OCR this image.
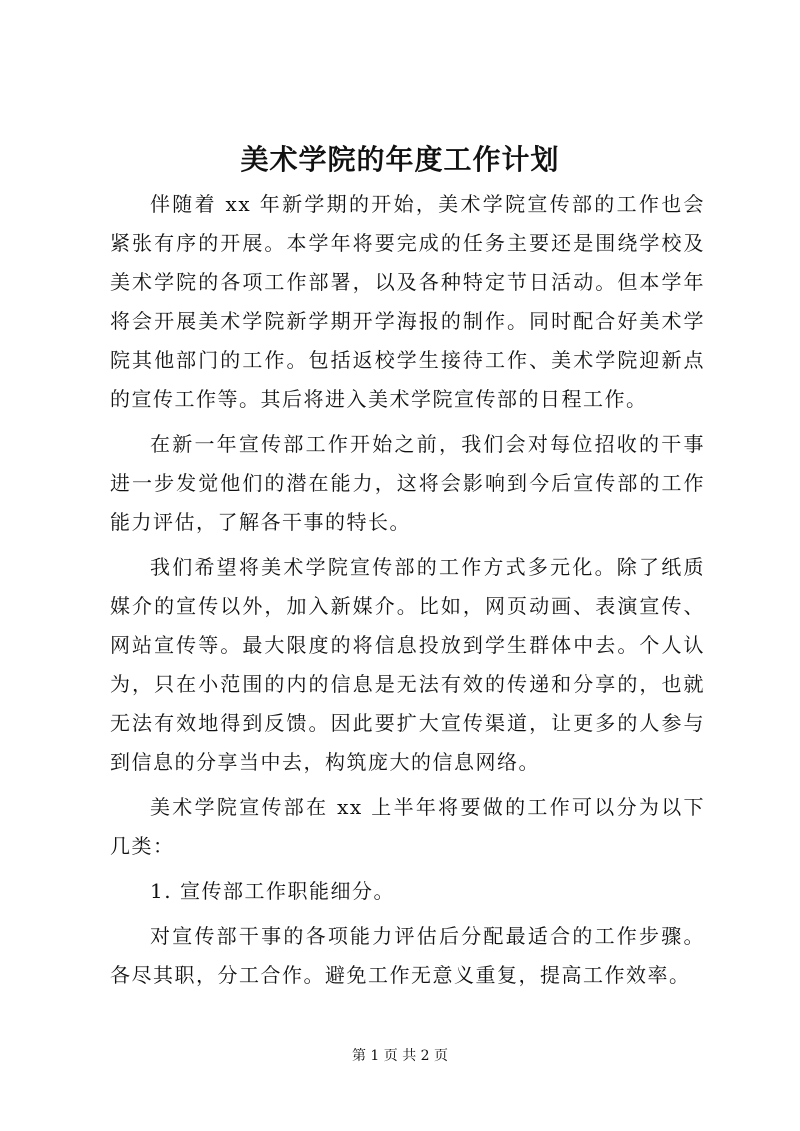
美术学院的年度工作计划

伴随着 xx 年新学期的开始，美术学院宣传部的工作也会紧张有序的开展。本学年将要完成的任务主要还是围绕学校及美术学院的各项工作部署，以及各种特定节日活动。但本学年将会开展美术学院新学期开学海报的制作。同时配合好美术学院其他部门的工作。包括返校学生接待工作、美术学院迎新点的宣传工作等。其后将进入美术学院宣传部的日程工作。

在新一年宣传部工作开始之前，我们会对每位招收的干事进一步发觉他们的潜在能力，这将会影响到今后宣传部的工作能力评估，了解各干事的特长。

我们希望将美术学院宣传部的工作方式多元化。除了纸质媒介的宣传以外，加入新媒介。比如，网页动画、表演宣传、网站宣传等。最大限度的将信息投放到学生群体中去。个人认为，只在小范围的内的信息是无法有效的传递和分享的，也就无法有效地得到反馈。因此要扩大宣传渠道，让更多的人参与到信息的分享当中去，构筑庞大的信息网络。

美术学院宣传部在 xx 上半年将要做的工作可以分为以下几类：

1. 宣传部工作职能细分。

对宣传部干事的各项能力评估后分配最适合的工作步骤。各尽其职，分工合作。避免工作无意义重复，提高工作效率。

第 1 页 共 2 页
